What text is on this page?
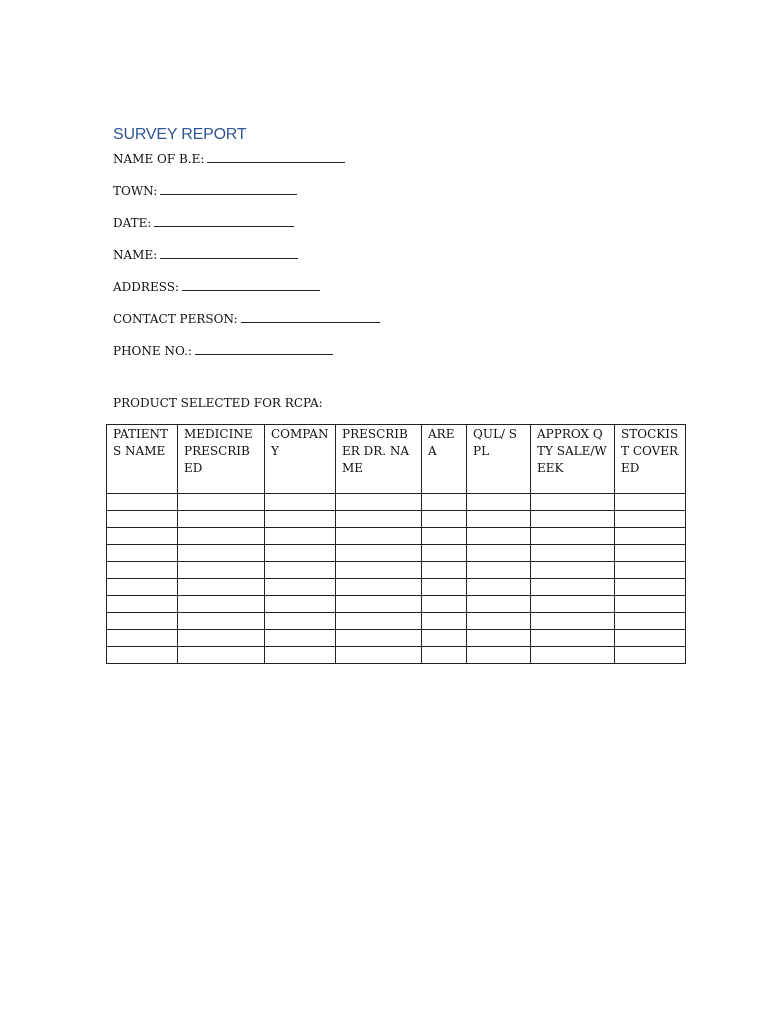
SURVEY REPORT
NAME OF B.E:
TOWN:
DATE:
NAME:
ADDRESS:
CONTACT PERSON:
PHONE NO.:
PRODUCT SELECTED FOR RCPA:
PATIENTS NAME	MEDICINE PRESCRIBED	COMPANY	PRESCRIBER DR. NAME	AREA	QUL/ SPL	APPROX QTY SALE/WEEK	STOCKIST COVERED
